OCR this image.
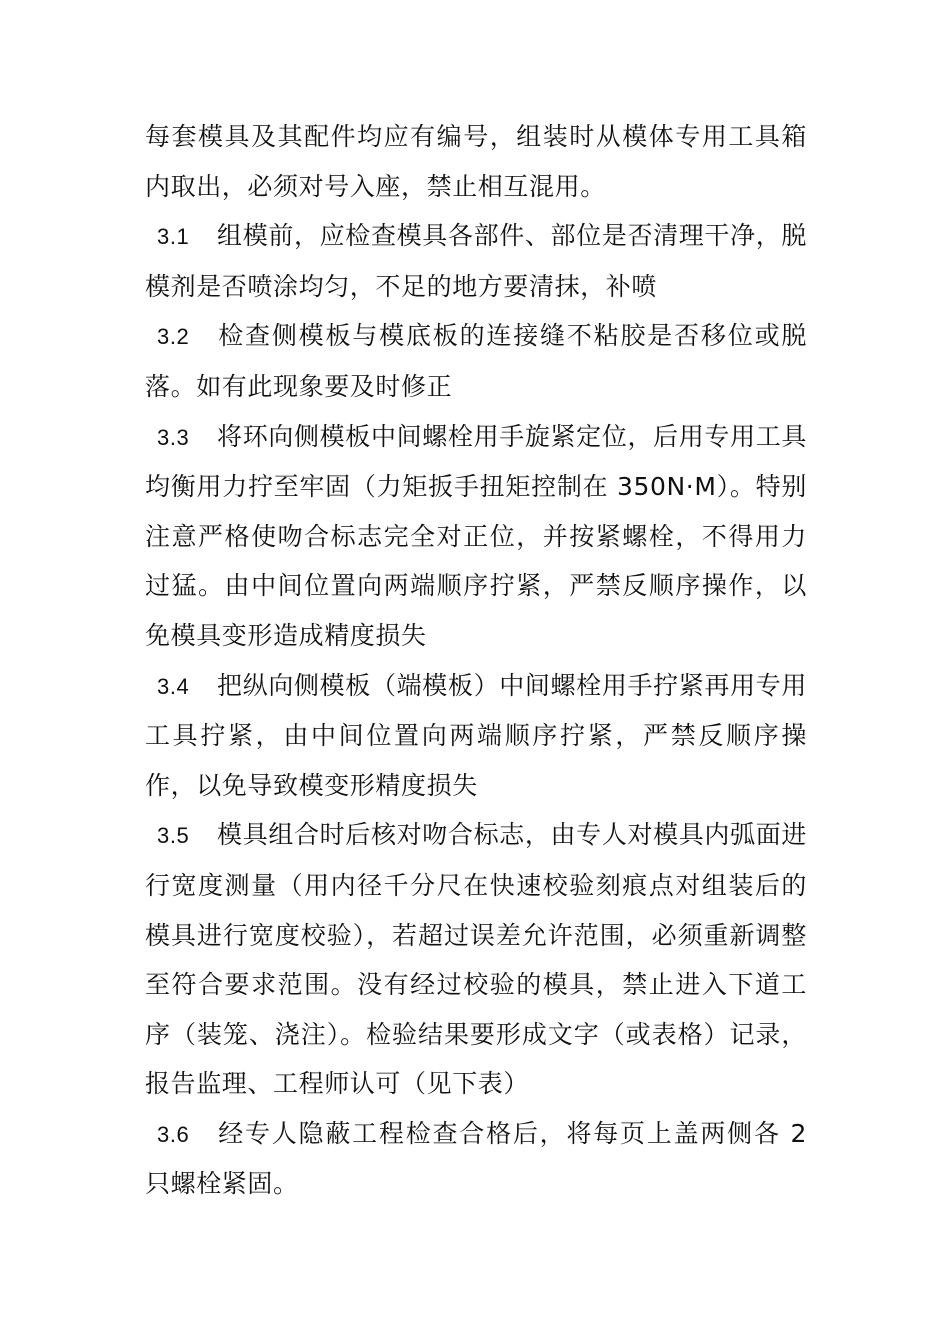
每套模具及其配件均应有编号，组装时从模体专用工具箱内取出，必须对号入座，禁止相互混用。

3.1 组模前，应检查模具各部件、部位是否清理干净，脱模剂是否喷涂均匀，不足的地方要清抹，补喷

3.2 检查侧模板与模底板的连接缝不粘胶是否移位或脱落。如有此现象要及时修正

3.3 将环向侧模板中间螺栓用手旋紧定位，后用专用工具均衡用力拧至牢固（力矩扳手扭矩控制在 350N·M）。特别注意严格使吻合标志完全对正位，并按紧螺栓，不得用力过猛。由中间位置向两端顺序拧紧，严禁反顺序操作，以免模具变形造成精度损失

3.4 把纵向侧模板（端模板）中间螺栓用手拧紧再用专用工具拧紧，由中间位置向两端顺序拧紧，严禁反顺序操作，以免导致模变形精度损失

3.5 模具组合时后核对吻合标志，由专人对模具内弧面进行宽度测量（用内径千分尺在快速校验刻痕点对组装后的模具进行宽度校验），若超过误差允许范围，必须重新调整至符合要求范围。没有经过校验的模具，禁止进入下道工序（装笼、浇注）。检验结果要形成文字（或表格）记录，报告监理、工程师认可（见下表）

3.6 经专人隐蔽工程检查合格后，将每页上盖两侧各 2 只螺栓紧固。
